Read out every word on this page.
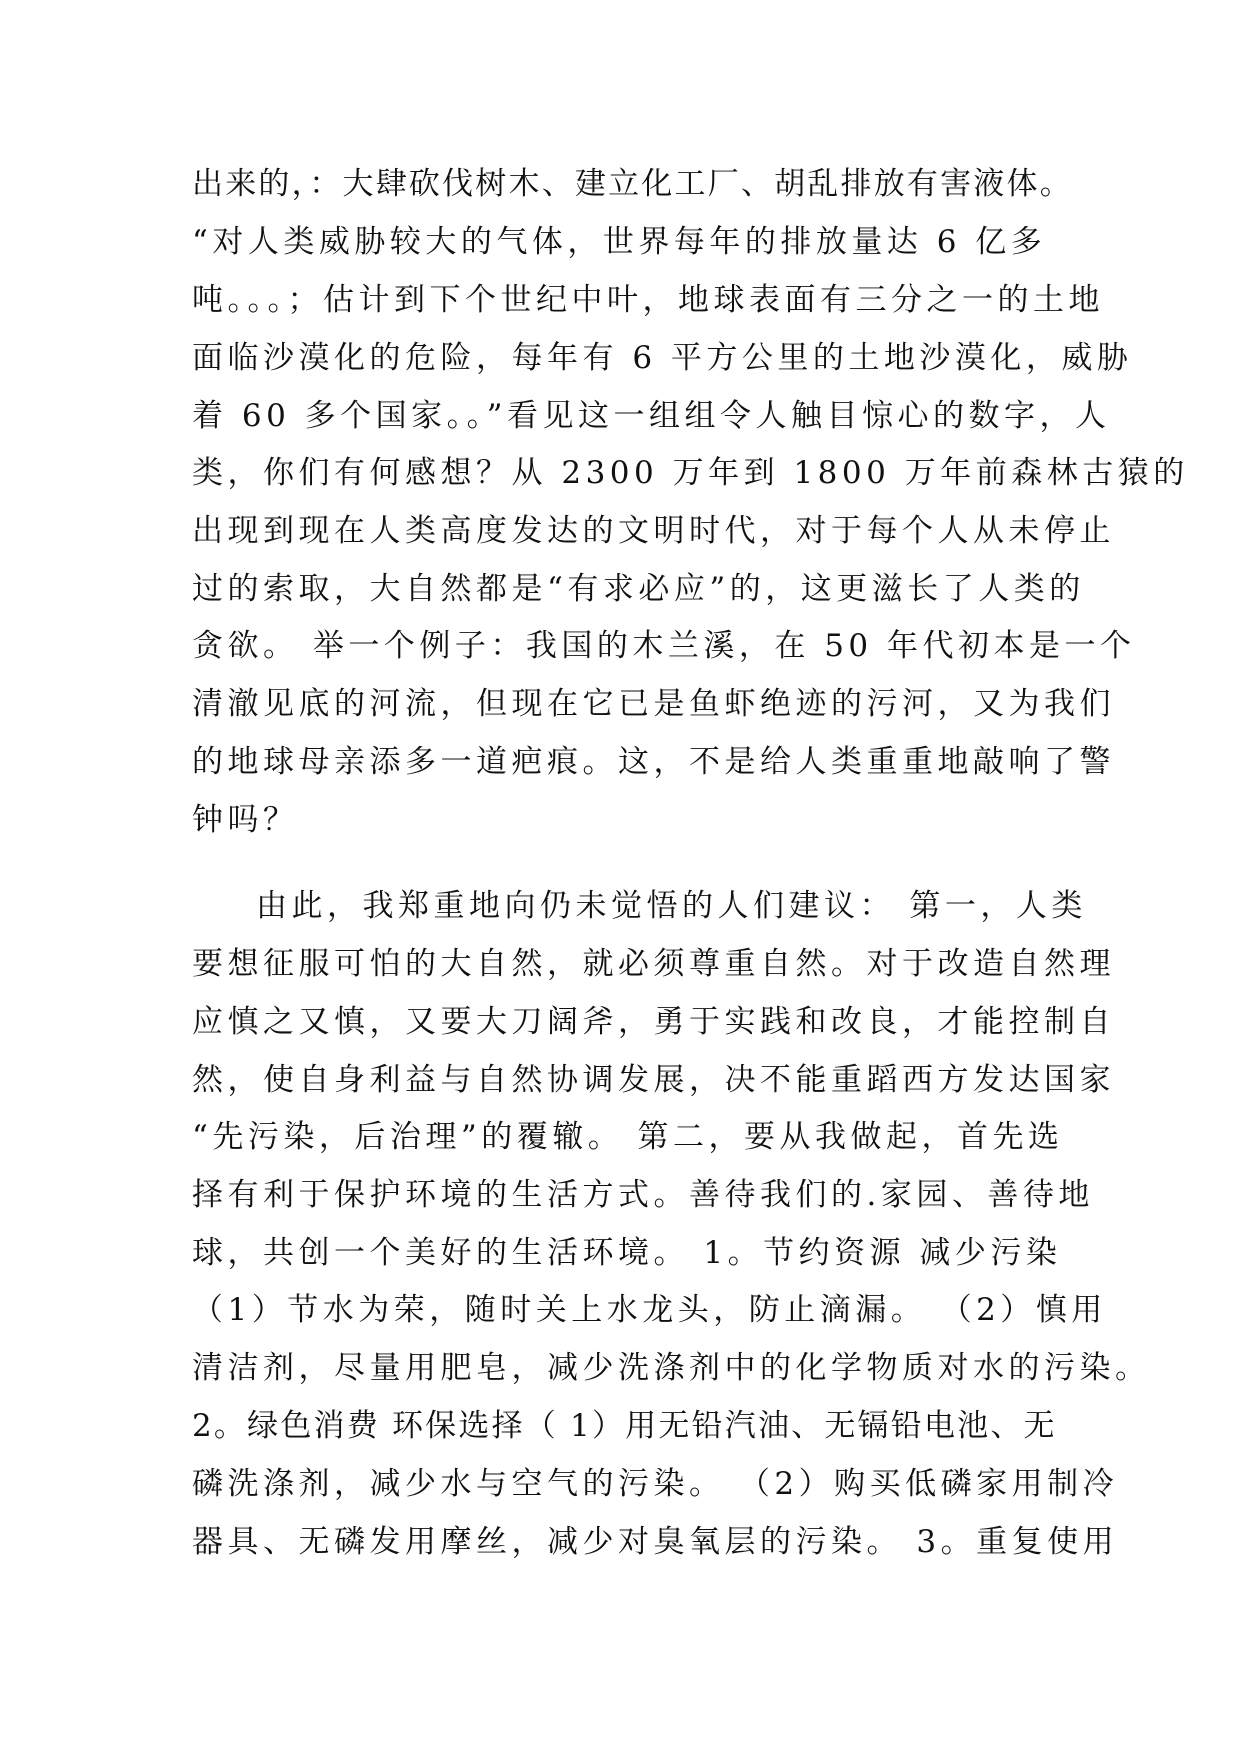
出来的，：大肆砍伐树木、建立化工厂、胡乱排放有害液体。

“对人类威胁较大的气体，世界每年的排放量达 6 亿多

吨。。。；估计到下个世纪中叶，地球表面有三分之一的土地

面临沙漠化的危险，每年有 6 平方公里的土地沙漠化，威胁

着 60 多个国家。。”看见这一组组令人触目惊心的数字，人

类，你们有何感想？从 2300 万年到 1800 万年前森林古猿的

出现到现在人类高度发达的文明时代，对于每个人从未停止

过的索取，大自然都是“有求必应”的，这更滋长了人类的

贪欲。 举一个例子：我国的木兰溪，在 50 年代初本是一个

清澈见底的河流，但现在它已是鱼虾绝迹的污河，又为我们

的地球母亲添多一道疤痕。这，不是给人类重重地敲响了警

钟吗？

由此，我郑重地向仍未觉悟的人们建议： 第一，人类

要想征服可怕的大自然，就必须尊重自然。对于改造自然理

应慎之又慎，又要大刀阔斧，勇于实践和改良，才能控制自

然，使自身利益与自然协调发展，决不能重蹈西方发达国家

“先污染，后治理”的覆辙。 第二，要从我做起，首先选

择有利于保护环境的生活方式。善待我们的.家园、善待地

球，共创一个美好的生活环境。 1。节约资源 减少污染

（1）节水为荣，随时关上水龙头，防止滴漏。 （2）慎用

清洁剂，尽量用肥皂，减少洗涤剂中的化学物质对水的污染。

2。绿色消费 环保选择（ 1）用无铅汽油、无镉铅电池、无

磷洗涤剂，减少水与空气的污染。 （2）购买低磷家用制冷

器具、无磷发用摩丝，减少对臭氧层的污染。 3。重复使用
